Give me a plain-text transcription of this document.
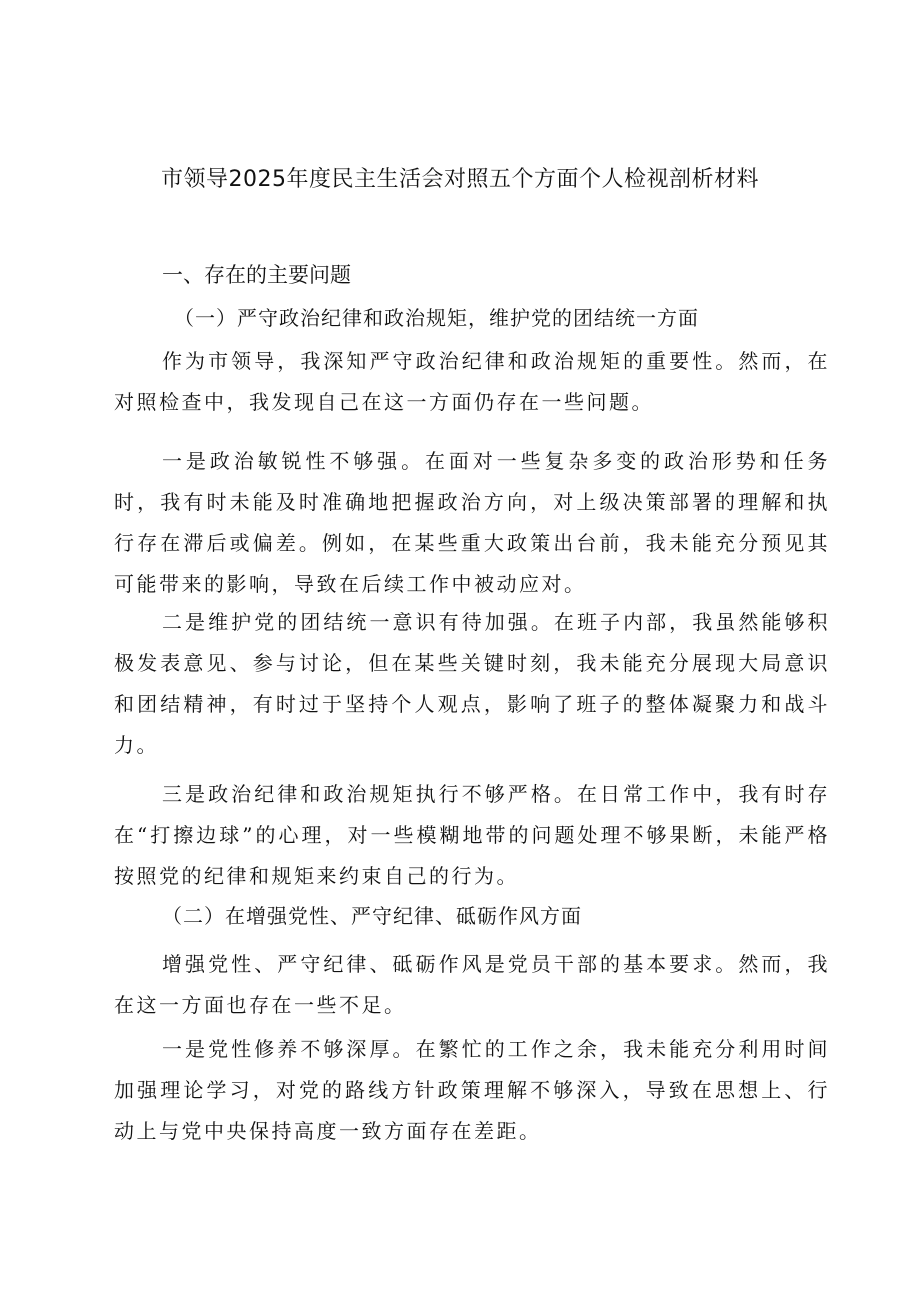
市领导2025年度民主生活会对照五个方面个人检视剖析材料
一、存在的主要问题
（一）严守政治纪律和政治规矩，维护党的团结统一方面

作为市领导，我深知严守政治纪律和政治规矩的重要性。然而，在对照检查中，我发现自己在这一方面仍存在一些问题。

一是政治敏锐性不够强。在面对一些复杂多变的政治形势和任务时，我有时未能及时准确地把握政治方向，对上级决策部署的理解和执行存在滞后或偏差。例如，在某些重大政策出台前，我未能充分预见其可能带来的影响，导致在后续工作中被动应对。

二是维护党的团结统一意识有待加强。在班子内部，我虽然能够积极发表意见、参与讨论，但在某些关键时刻，我未能充分展现大局意识和团结精神，有时过于坚持个人观点，影响了班子的整体凝聚力和战斗力。

三是政治纪律和政治规矩执行不够严格。在日常工作中，我有时存在“打擦边球”的心理，对一些模糊地带的问题处理不够果断，未能严格按照党的纪律和规矩来约束自己的行为。

（二）在增强党性、严守纪律、砥砺作风方面

增强党性、严守纪律、砥砺作风是党员干部的基本要求。然而，我在这一方面也存在一些不足。

一是党性修养不够深厚。在繁忙的工作之余，我未能充分利用时间加强理论学习，对党的路线方针政策理解不够深入，导致在思想上、行动上与党中央保持高度一致方面存在差距。
